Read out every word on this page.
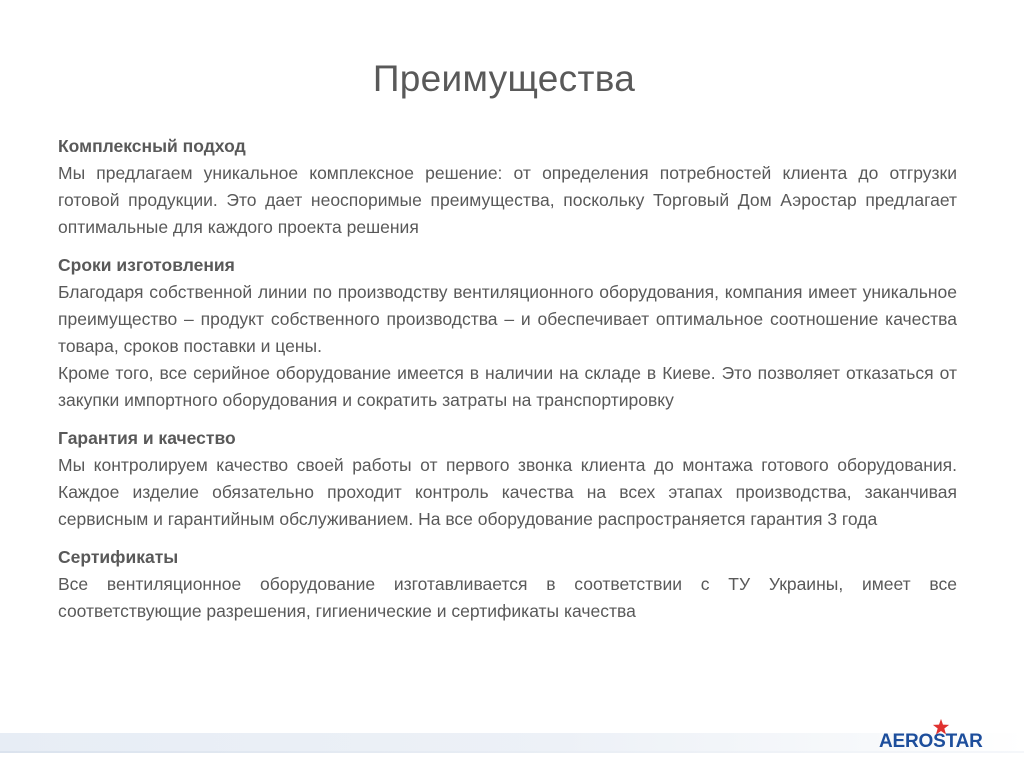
Преимущества
Комплексный подход
Мы предлагаем уникальное комплексное решение: от определения потребностей клиента до отгрузки готовой продукции. Это дает неоспоримые преимущества, поскольку Торговый Дом Аэростар предлагает оптимальные для каждого проекта решения
Сроки изготовления
Благодаря собственной линии по производству вентиляционного оборудования, компания имеет уникальное преимущество – продукт собственного производства – и обеспечивает оптимальное соотношение качества товара, сроков поставки и цены.
Кроме того, все серийное оборудование имеется в наличии на складе в Киеве. Это позволяет отказаться от закупки импортного оборудования и сократить затраты на транспортировку
Гарантия и качество
Мы контролируем качество своей работы от первого звонка клиента до монтажа готового оборудования. Каждое изделие обязательно проходит контроль качества на всех этапах производства, заканчивая сервисным и гарантийным обслуживанием. На все оборудование распространяется гарантия 3 года
Сертификаты
Все вентиляционное оборудование изготавливается в соответствии с ТУ Украины, имеет все соответствующие разрешения, гигиенические и сертификаты качества
AEROSTAR
